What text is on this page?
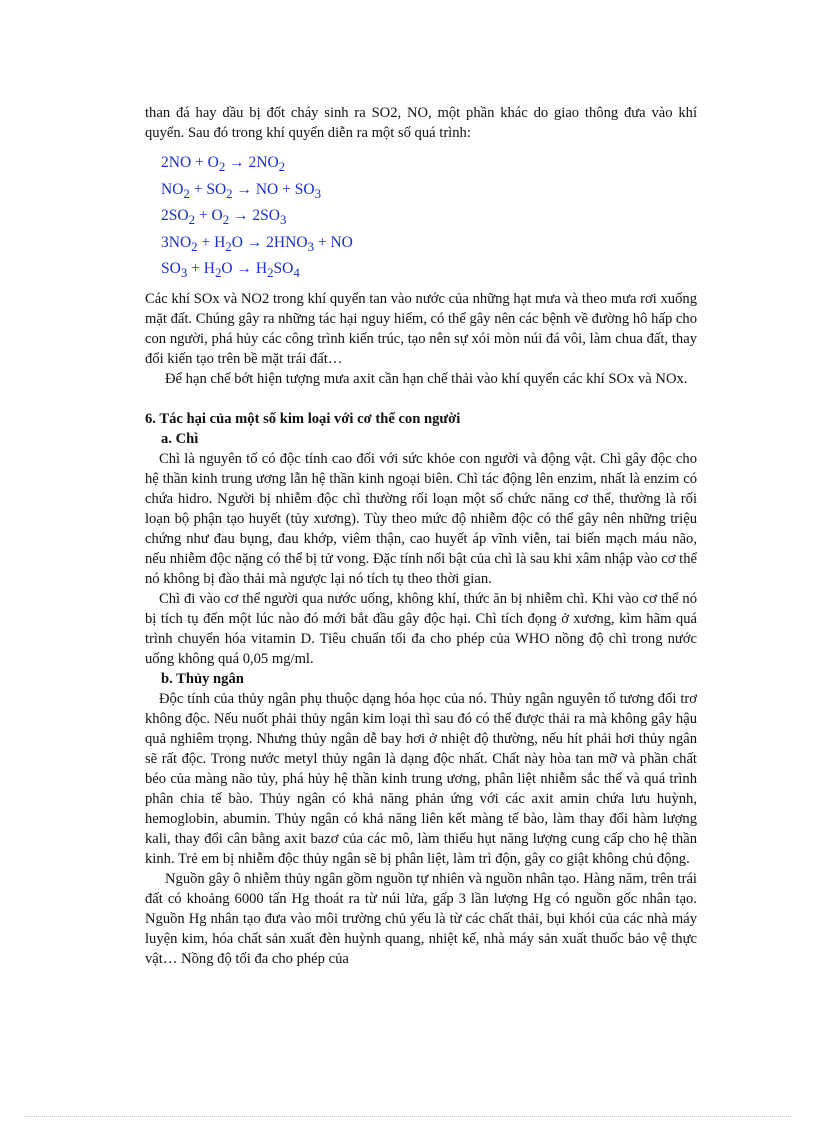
than đá hay dầu bị đốt cháy sinh ra SO2, NO, một phần khác do giao thông đưa vào khí quyển. Sau đó trong khí quyển diễn ra một số quá trình:

$2NO + O_2 \to 2NO_2$
$NO_2 + SO_2$ → NO + $SO_3$
$2SO_2 + O_2 \to 2SO_3$
$3NO_2 + H_2O \to 2HNO_3$ + NO
$SO_3 + H_2O \to H_2SO_4$

Các khí SOx và NO2 trong khí quyển tan vào nước của những hạt mưa và theo mưa rơi xuống mặt đất. Chúng gây ra những tác hại nguy hiểm, có thể gây nên các bệnh về đường hô hấp cho con người, phá hủy các công trình kiến trúc, tạo nên sự xói mòn núi đá vôi, làm chua đất, thay đổi kiến tạo trên bề mặt trái đất…

Để hạn chế bớt hiện tượng mưa axit cần hạn chế thải vào khí quyển các khí SOx và NOx.

6. Tác hại của một số kim loại với cơ thể con người
a. Chì

Chì là nguyên tố có độc tính cao đối với sức khỏe con người và động vật. Chì gây độc cho hệ thần kinh trung ương lẫn hệ thần kinh ngoại biên. Chì tác động lên enzim, nhất là enzim có chứa hidro. Người bị nhiễm độc chì thường rối loạn một số chức năng cơ thể, thường là rối loạn bộ phận tạo huyết (tủy xương). Tùy theo mức độ nhiễm độc có thể gây nên những triệu chứng như đau bụng, đau khớp, viêm thận, cao huyết áp vĩnh viễn, tai biến mạch máu não, nếu nhiễm độc nặng có thể bị tử vong. Đặc tính nổi bật của chì là sau khi xâm nhập vào cơ thể nó không bị đào thải mà ngược lại nó tích tụ theo thời gian.

Chì đi vào cơ thể người qua nước uống, không khí, thức ăn bị nhiễm chì. Khi vào cơ thể nó bị tích tụ đến một lúc nào đó mới bắt đầu gây độc hại. Chì tích đọng ở xương, kìm hãm quá trình chuyển hóa vitamin D. Tiêu chuẩn tối đa cho phép của WHO nồng độ chì trong nước uống không quá 0,05 mg/ml.

b. Thủy ngân

Độc tính của thủy ngân phụ thuộc dạng hóa học của nó. Thủy ngân nguyên tố tương đối trơ không độc. Nếu nuốt phải thủy ngân kim loại thì sau đó có thể được thải ra mà không gây hậu quả nghiêm trọng. Nhưng thủy ngân dễ bay hơi ở nhiệt độ thường, nếu hít phải hơi thủy ngân sẽ rất độc. Trong nước metyl thủy ngân là dạng độc nhất. Chất này hòa tan mỡ và phần chất béo của màng não tủy, phá hủy hệ thần kinh trung ương, phân liệt nhiễm sắc thể và quá trình phân chia tế bào. Thủy ngân có khả năng phản ứng với các axit amin chứa lưu huỳnh, hemoglobin, abumin. Thủy ngân có khả năng liên kết màng tế bào, làm thay đổi hàm lượng kali, thay đổi cân bằng axit bazơ của các mô, làm thiếu hụt năng lượng cung cấp cho hệ thần kinh. Trẻ em bị nhiễm độc thủy ngân sẽ bị phân liệt, làm trì độn, gây co giật không chủ động.

Nguồn gây ô nhiễm thủy ngân gồm nguồn tự nhiên và nguồn nhân tạo. Hàng năm, trên trái đất có khoảng 6000 tấn Hg thoát ra từ núi lửa, gấp 3 lần lượng Hg có nguồn gốc nhân tạo. Nguồn Hg nhân tạo đưa vào môi trường chủ yếu là từ các chất thải, bụi khói của các nhà máy luyện kim, hóa chất sản xuất đèn huỳnh quang, nhiệt kế, nhà máy sản xuất thuốc bảo vệ thực vật… Nồng độ tối đa cho phép của
